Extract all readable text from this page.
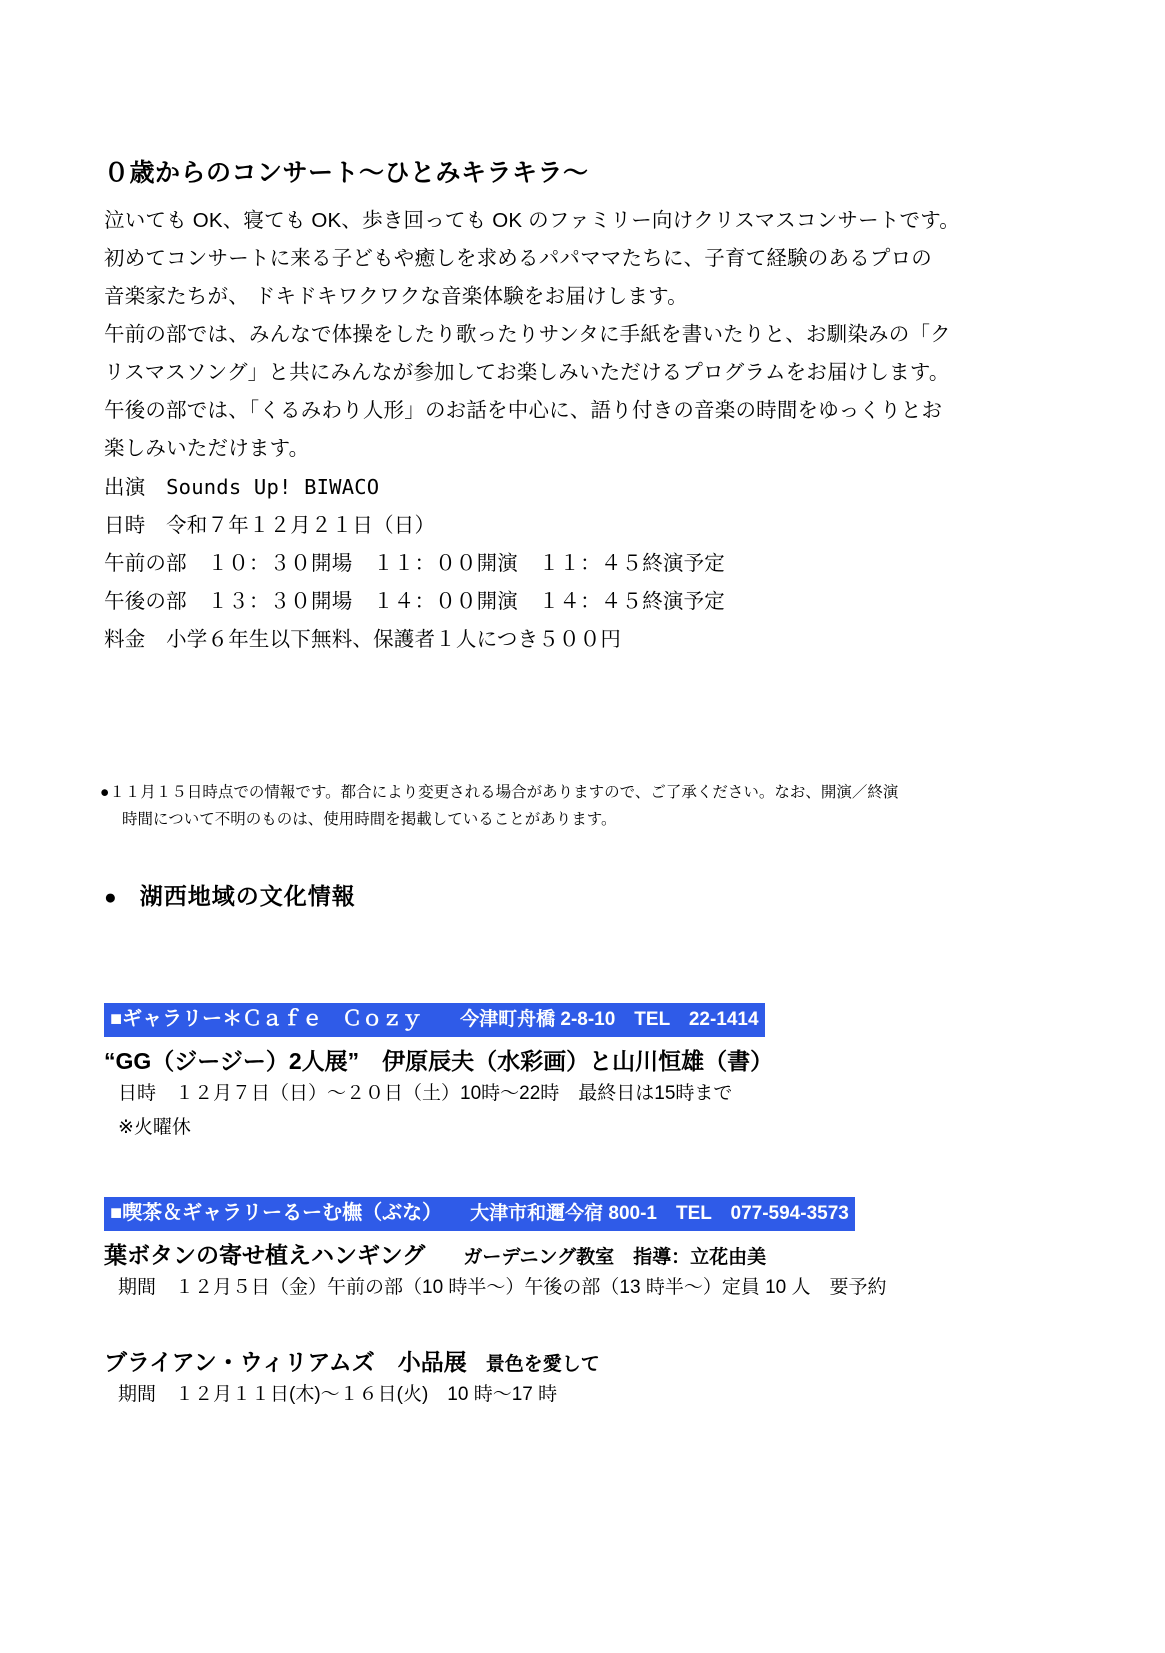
０歳からのコンサート～ひとみキラキラ～
泣いても OK、寝ても OK、歩き回っても OK のファミリー向けクリスマスコンサートです。
初めてコンサートに来る子どもや癒しを求めるパパママたちに、子育て経験のあるプロの
音楽家たちが、 ドキドキワクワクな音楽体験をお届けします。
午前の部では、みんなで体操をしたり歌ったりサンタに手紙を書いたりと、お馴染みの「ク
リスマスソング」と共にみんなが参加してお楽しみいただけるプログラムをお届けします。
午後の部では、「くるみわり人形」のお話を中心に、語り付きの音楽の時間をゆっくりとお
楽しみいただけます。
出演　 Sounds Up! BIWACO
日時　令和７年１２月２１日（日）
午前の部　１０：３０開場　１１：００開演　１１：４５終演予定
午後の部　１３：３０開場　１４：００開演　１４：４５終演予定
料金　小学６年生以下無料、保護者１人につき５００円
●１１月１５日時点での情報です。都合により変更される場合がありますので、ご了承ください。なお、開演／終演
時間について不明のものは、使用時間を掲載していることがあります。
● 湖西地域の文化情報
■ギャラリー＊Ｃａｆｅ　Ｃｏｚｙ　　今津町舟橋 2-8-10　TEL　22-1414
“GG（ジージー）2人展”　伊原辰夫（水彩画）と山川恒雄（書）
日時　１２月７日（日）～２０日（土）10時～22時　最終日は15時まで
※火曜休
■喫茶＆ギャラリーるーむ橅（ぶな）　　大津市和邇今宿 800-1　TEL　077-594-3573
葉ボタンの寄せ植えハンギング　　ガーデニング教室　指導：立花由美
期間　１２月５日（金）午前の部（10 時半～）午後の部（13 時半～）定員 10 人　要予約
ブライアン・ウィリアムズ　小品展　景色を愛して
期間　１２月１１日(木)～１６日(火)　10 時～17 時
